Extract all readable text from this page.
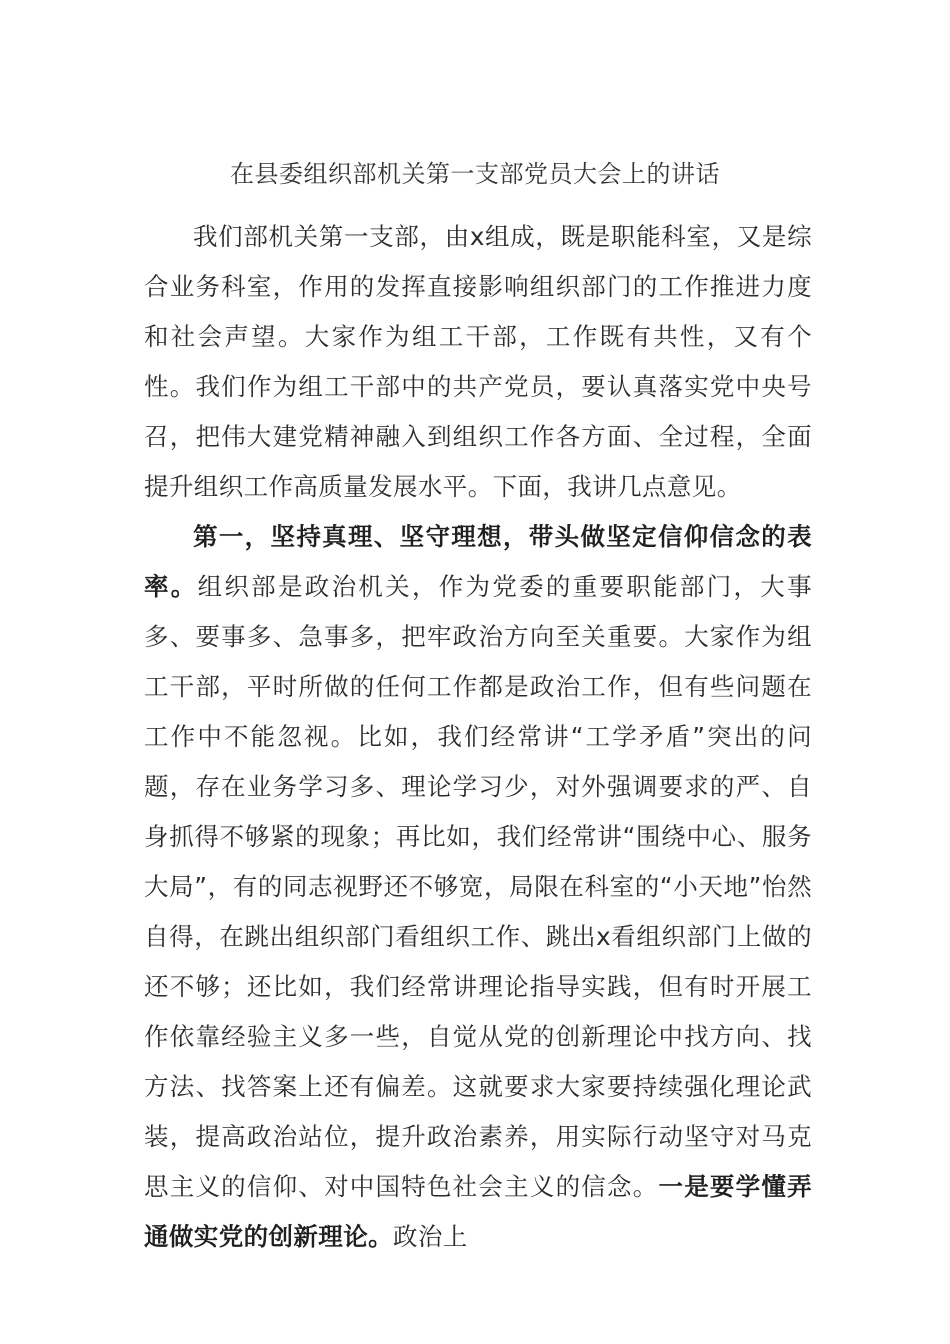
在县委组织部机关第一支部党员大会上的讲话

我们部机关第一支部，由x组成，既是职能科室，又是综合业务科室，作用的发挥直接影响组织部门的工作推进力度和社会声望。大家作为组工干部，工作既有共性，又有个性。我们作为组工干部中的共产党员，要认真落实党中央号召，把伟大建党精神融入到组织工作各方面、全过程，全面提升组织工作高质量发展水平。下面，我讲几点意见。

第一，坚持真理、坚守理想，带头做坚定信仰信念的表率。组织部是政治机关，作为党委的重要职能部门，大事多、要事多、急事多，把牢政治方向至关重要。大家作为组工干部，平时所做的任何工作都是政治工作，但有些问题在工作中不能忽视。比如，我们经常讲“工学矛盾”突出的问题，存在业务学习多、理论学习少，对外强调要求的严、自身抓得不够紧的现象；再比如，我们经常讲“围绕中心、服务大局”，有的同志视野还不够宽，局限在科室的“小天地”怡然自得，在跳出组织部门看组织工作、跳出x看组织部门上做的还不够；还比如，我们经常讲理论指导实践，但有时开展工作依靠经验主义多一些，自觉从党的创新理论中找方向、找方法、找答案上还有偏差。这就要求大家要持续强化理论武装，提高政治站位，提升政治素养，用实际行动坚守对马克思主义的信仰、对中国特色社会主义的信念。一是要学懂弄通做实党的创新理论。政治上
